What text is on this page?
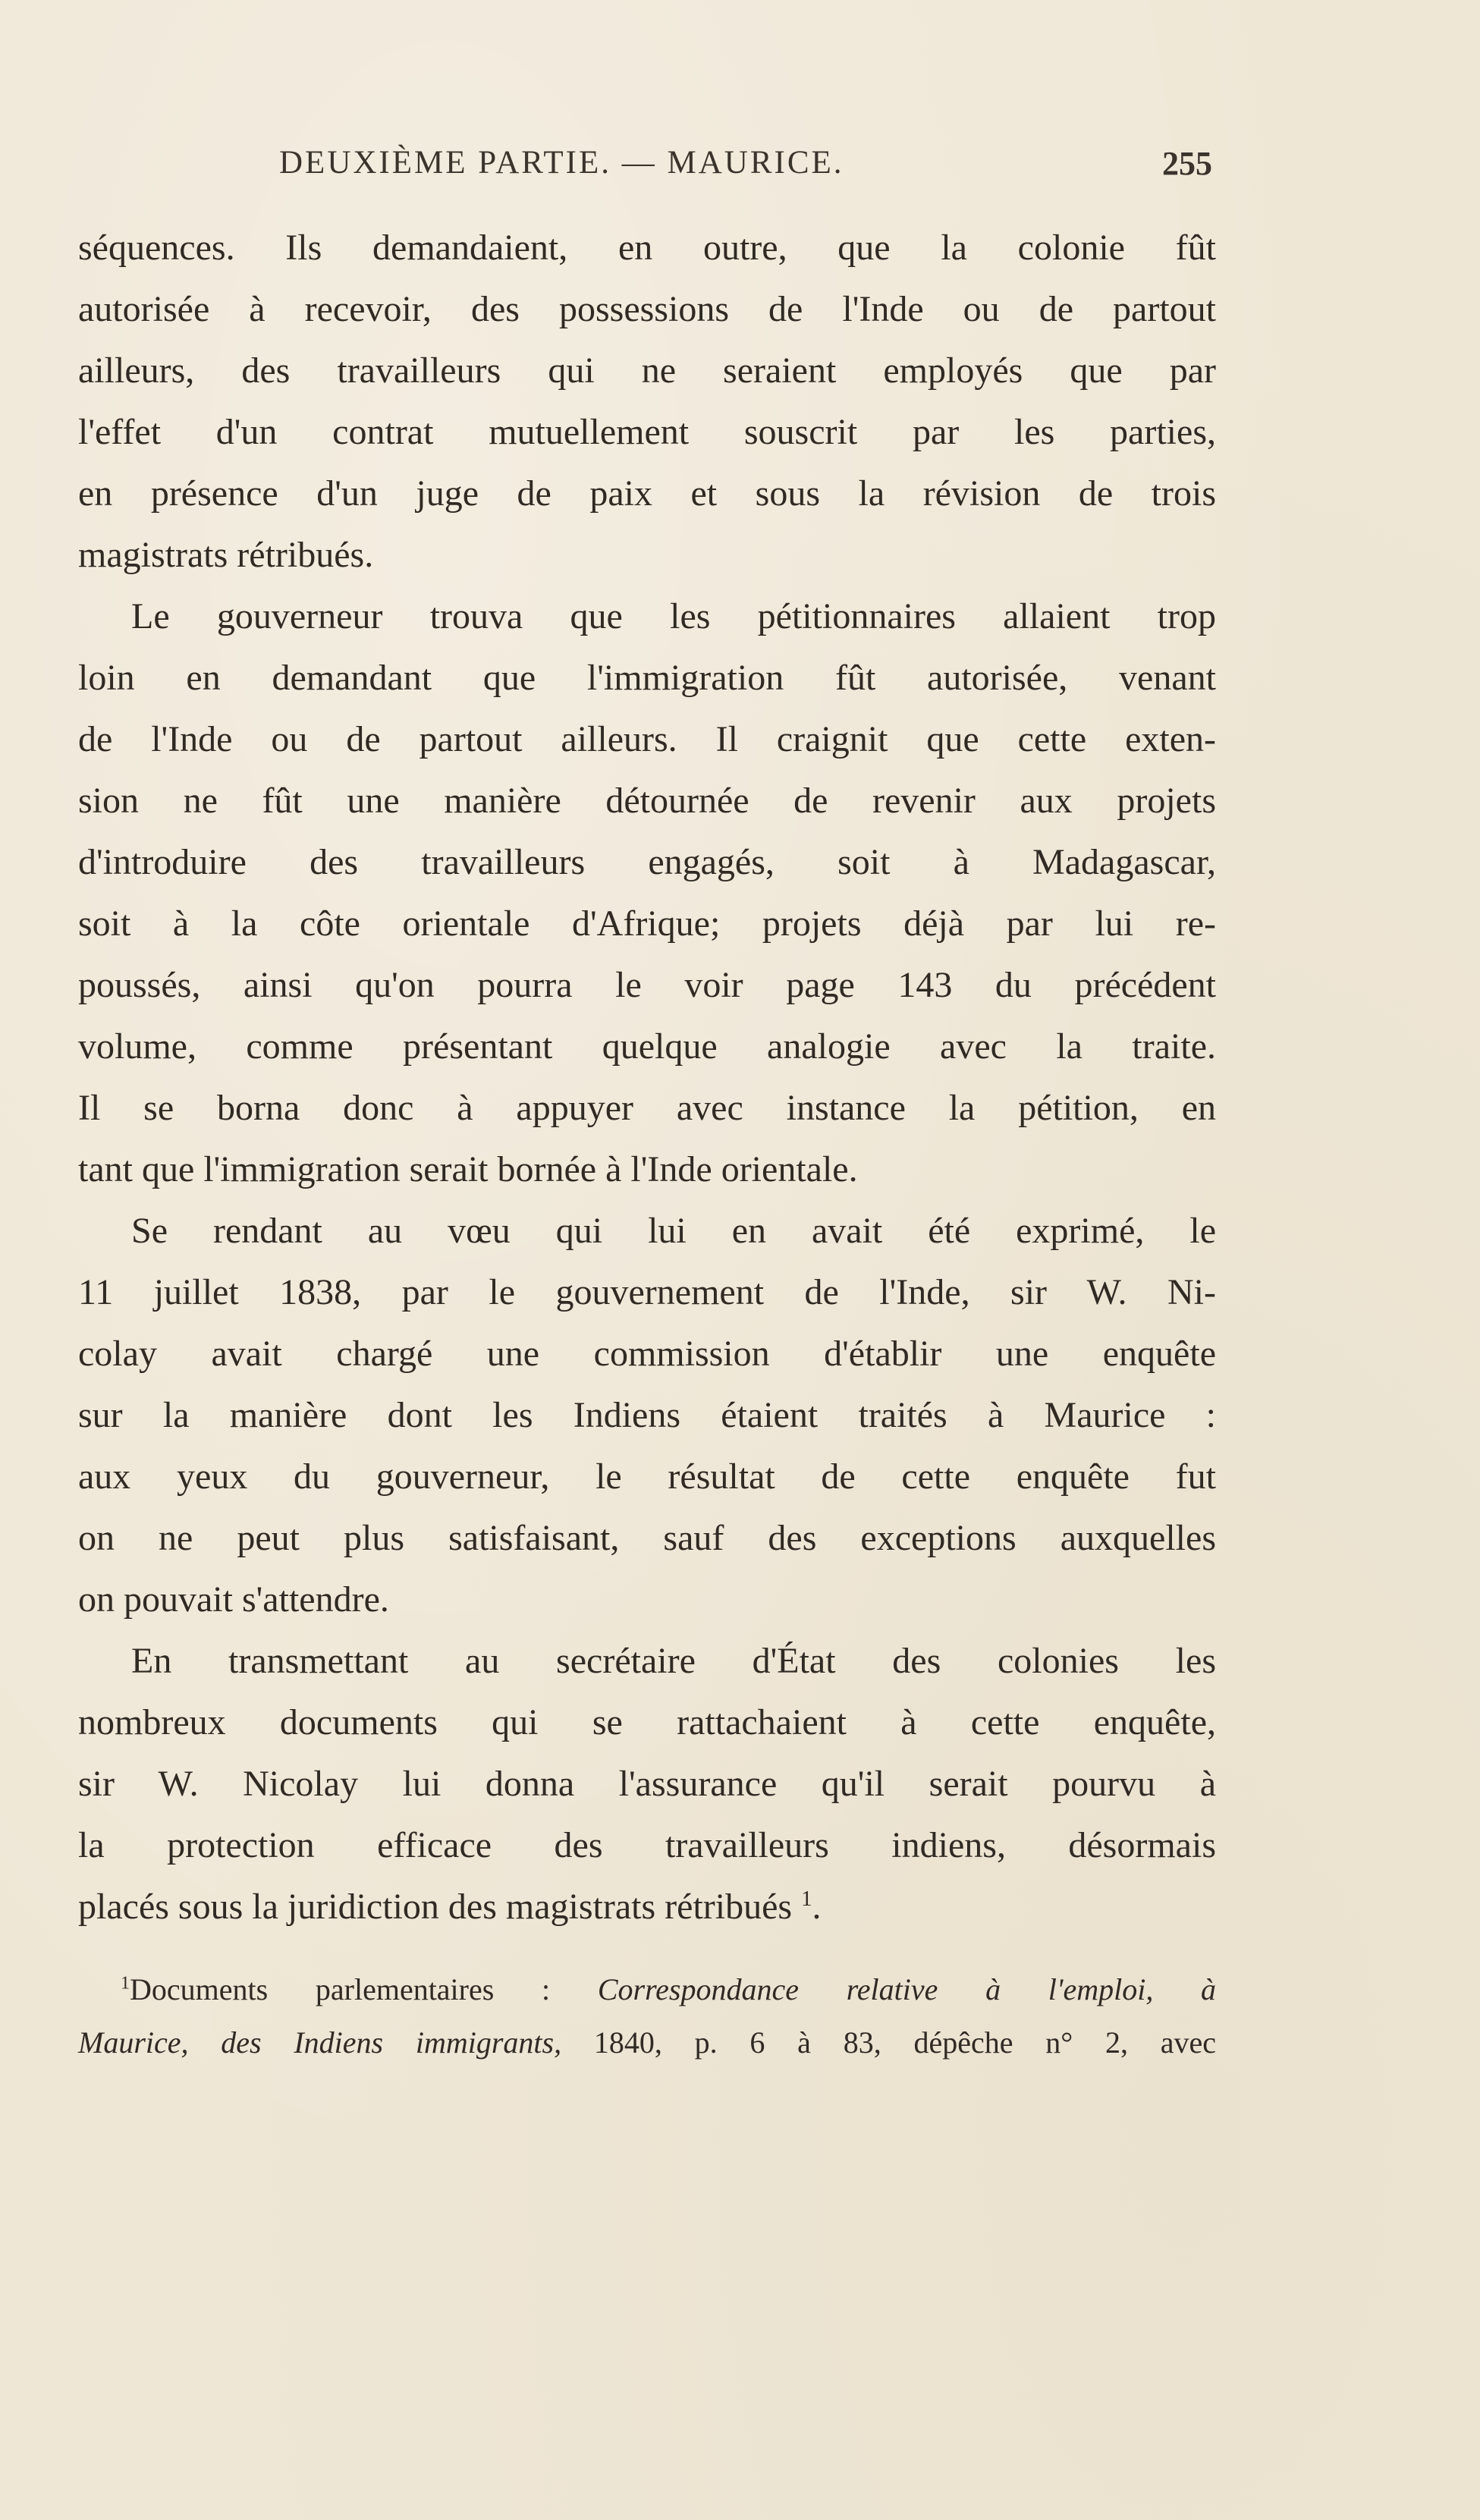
DEUXIÈME PARTIE. — MAURICE.	255
séquences. Ils demandaient, en outre, que la colonie fût
autorisée à recevoir, des possessions de l'Inde ou de partout
ailleurs, des travailleurs qui ne seraient employés que par
l'effet d'un contrat mutuellement souscrit par les parties,
en présence d'un juge de paix et sous la révision de trois
magistrats rétribués.
Le gouverneur trouva que les pétitionnaires allaient trop
loin en demandant que l'immigration fût autorisée, venant
de l'Inde ou de partout ailleurs. Il craignit que cette exten-
sion ne fût une manière détournée de revenir aux projets
d'introduire des travailleurs engagés, soit à Madagascar,
soit à la côte orientale d'Afrique; projets déjà par lui re-
poussés, ainsi qu'on pourra le voir page 143 du précédent
volume, comme présentant quelque analogie avec la traite.
Il se borna donc à appuyer avec instance la pétition, en
tant que l'immigration serait bornée à l'Inde orientale.
Se rendant au vœu qui lui en avait été exprimé, le
11 juillet 1838, par le gouvernement de l'Inde, sir W. Ni-
colay avait chargé une commission d'établir une enquête
sur la manière dont les Indiens étaient traités à Maurice :
aux yeux du gouverneur, le résultat de cette enquête fut
on ne peut plus satisfaisant, sauf des exceptions auxquelles
on pouvait s'attendre.
En transmettant au secrétaire d'État des colonies les
nombreux documents qui se rattachaient à cette enquête,
sir W. Nicolay lui donna l'assurance qu'il serait pourvu à
la protection efficace des travailleurs indiens, désormais
placés sous la juridiction des magistrats rétribués $^1$.
$^1$Documents parlementaires : Correspondance relative à l'emploi, à
Maurice, des Indiens immigrants, 1840, p. 6 à 83, dépêche n° 2, avec
